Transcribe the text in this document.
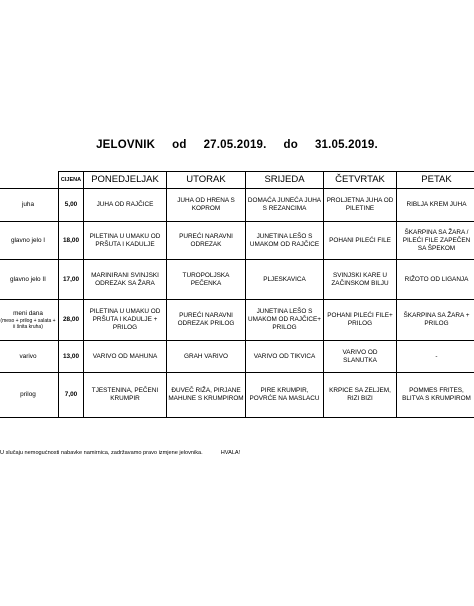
JELOVNIK     od     27.05.2019.     do     31.05.2019.
	CIJENA	PONEDJELJAK	UTORAK	SRIJEDA	ČETVRTAK	PETAK
juha	5,00	JUHA OD RAJČICE	JUHA OD HRENA S KOPROM	DOMAĆA JUNEĆA JUHA S REZANCIMA	PROLJETNA JUHA OD PILETINE	RIBLJA KREM JUHA
glavno jelo I	18,00	PILETINA U UMAKU OD PRŠUTA I KADULJE	PUREĆI NARAVNI ODREZAK	JUNETINA LEŠO S UMAKOM OD RAJČICE	POHANI PILEĆI FILE	ŠKARPINA SA ŽARA / PILEĆI FILE ZAPEČEN SA ŠPEKOM
glavno jelo II	17,00	MARINIRANI SVINJSKI ODREZAK SA ŽARA	TUROPOLJSKA PEČENKA	PLJESKAVICA	SVINJSKI KARE U ZAČINSKOM BILJU	RIŽOTO OD LIGANJA
meni dana
(meso + prilog + salata + ii šnita kruha)	28,00	PILETINA U UMAKU OD PRŠUTA I KADULJE + PRILOG	PUREĆI NARAVNI ODREZAK PRILOG	JUNETINA LEŠO S UMAKOM OD RAJČICE+ PRILOG	POHANI PILEĆI FILE+ PRILOG	ŠKARPINA SA ŽARA + PRILOG
varivo	13,00	VARIVO OD MAHUNA	GRAH VARIVO	VARIVO OD TIKVICA	VARIVO OD SLANUTKA	-
prilog	7,00	TJESTENINA, PEČENI KRUMPIR	ĐUVEČ RIŽA, PIRJANE MAHUNE S KRUMPIROM	PIRE KRUMPIR, POVRĆE NA MASLACU	KRPICE SA ZELJEM, RIZI BIZI	POMMES FRITES, BLITVA S KRUMPIROM
U slučaju nemogućnosti nabavke namirnica, zadržavamo pravo izmjene jelovnika.	HVALA!
